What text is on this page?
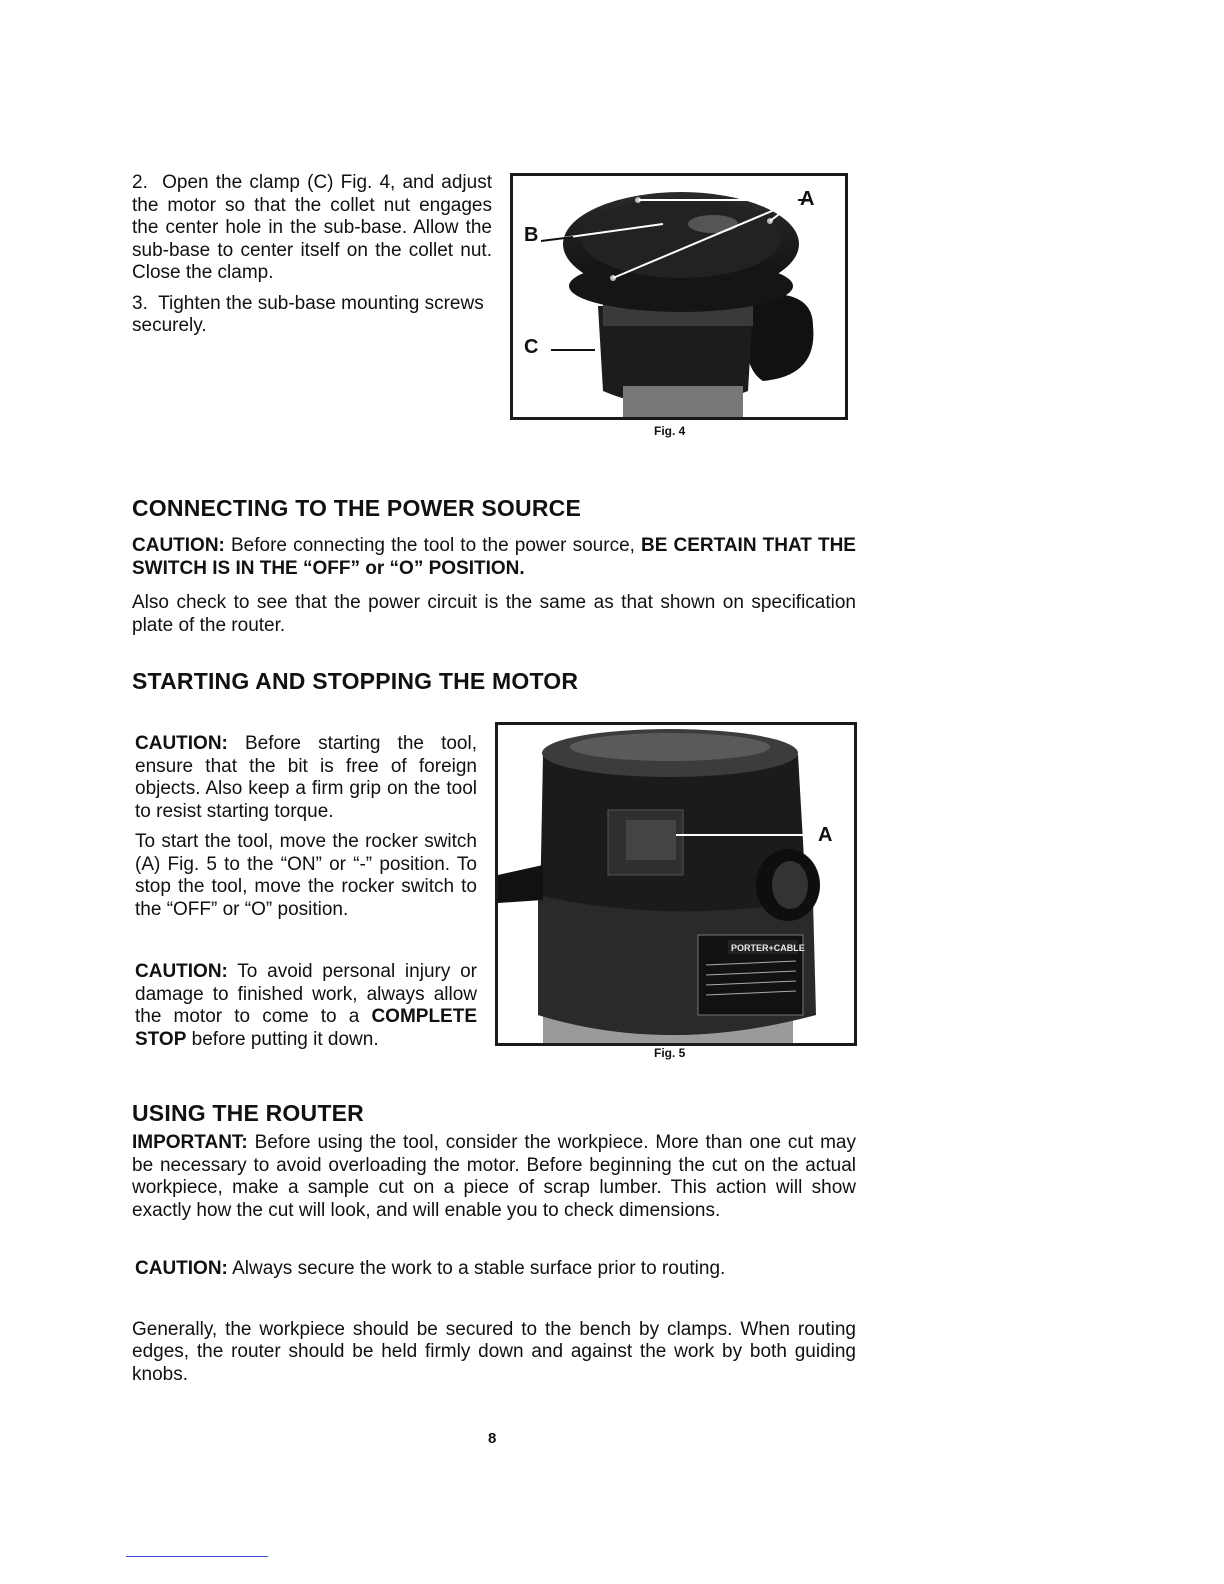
2. Open the clamp (C) Fig. 4, and adjust the motor so that the collet nut engages the center hole in the sub-base. Allow the sub-base to center itself on the collet nut. Close the clamp.

3. Tighten the sub-base mounting screws securely.

A
B
C
Fig. 4
CONNECTING TO THE POWER SOURCE

CAUTION: Before connecting the tool to the power source, BE CERTAIN THAT THE SWITCH IS IN THE “OFF” or “O” POSITION.

Also check to see that the power circuit is the same as that shown on specification plate of the router.

STARTING AND STOPPING THE MOTOR

CAUTION: Before starting the tool, ensure that the bit is free of foreign objects. Also keep a firm grip on the tool to resist starting torque.

To start the tool, move the rocker switch (A) Fig. 5 to the “ON” or “-” position. To stop the tool, move the rocker switch to the “OFF” or “O” position.

CAUTION: To avoid personal injury or damage to finished work, always allow the motor to come to a COMPLETE STOP before putting it down.

PORTER+CABLE
A
Fig. 5
USING THE ROUTER

IMPORTANT: Before using the tool, consider the workpiece. More than one cut may be necessary to avoid overloading the motor. Before beginning the cut on the actual workpiece, make a sample cut on a piece of scrap lumber. This action will show exactly how the cut will look, and will enable you to check dimensions.

CAUTION: Always secure the work to a stable surface prior to routing.

Generally, the workpiece should be secured to the bench by clamps. When routing edges, the router should be held firmly down and against the work by both guiding knobs.

8
